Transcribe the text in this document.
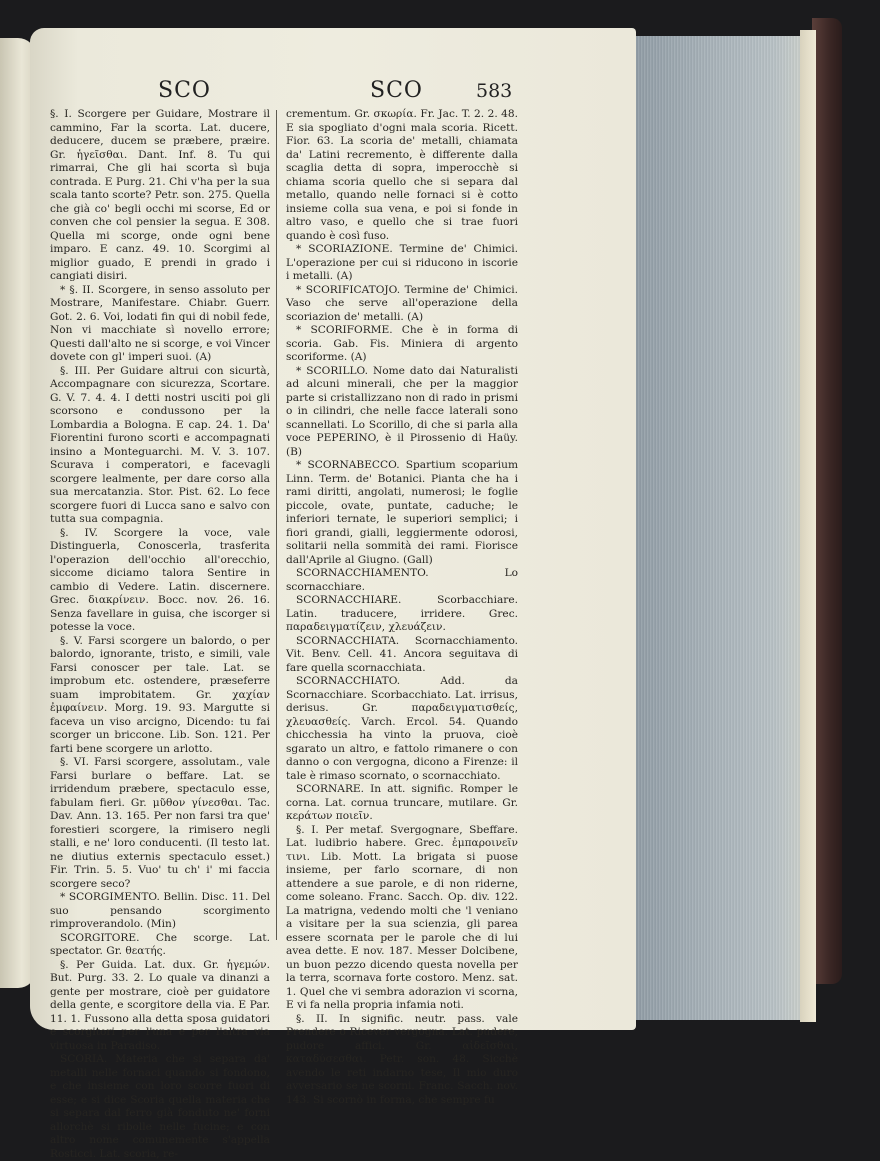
SCO	SCO	583

§. I. Scorgere per Guidare, Mostrare il cammino, Far la scorta. Lat. ducere, deducere, ducem se præbere, præire. Gr. ἡγεῖσθαι. Dant. Inf. 8. Tu qui rimarrai, Che gli hai scorta sì buja contrada. E Purg. 21. Chi v'ha per la sua scala tanto scorte? Petr. son. 275. Quella che già co' begli occhi mi scorse, Ed or conven che col pensier la segua. E 308. Quella mi scorge, onde ogni bene imparo. E canz. 49. 10. Scorgimi al miglior guado, E prendi in grado i cangiati disiri.

* §. II. Scorgere, in senso assoluto per Mostrare, Manifestare. Chiabr. Guerr. Got. 2. 6. Voi, lodati fin qui di nobil fede, Non vi macchiate sì novello errore; Questi dall'alto ne si scorge, e voi Vincer dovete con gl' imperi suoi. (A)

§. III. Per Guidare altrui con sicurtà, Accompagnare con sicurezza, Scortare. G. V. 7. 4. 4. I detti nostri usciti poi gli scorsono e condussono per la Lombardia a Bologna. E cap. 24. 1. Da' Fiorentini furono scorti e accompagnati insino a Monteguarchi. M. V. 3. 107. Scurava i comperatori, e facevagli scorgere lealmente, per dare corso alla sua mercatanzia. Stor. Pist. 62. Lo fece scorgere fuori di Lucca sano e salvo con tutta sua compagnia.

§. IV. Scorgere la voce, vale Distinguerla, Conoscerla, trasferita l'operazion dell'occhio all'orecchio, siccome diciamo talora Sentire in cambio di Vedere. Latin. discernere. Grec. διακρίνειν. Bocc. nov. 26. 16. Senza favellare in guisa, che iscorger si potesse la voce.

§. V. Farsi scorgere un balordo, o per balordo, ignorante, tristo, e simili, vale Farsi conoscer per tale. Lat. se improbum etc. ostendere, præseferre suam improbitatem. Gr. χαχίαν ἐμφαίνειν. Morg. 19. 93. Margutte si faceva un viso arcigno, Dicendo: tu fai scorger un briccone. Lib. Son. 121. Per farti bene scorgere un arlotto.

§. VI. Farsi scorgere, assolutam., vale Farsi burlare o beffare. Lat. se irridendum præbere, spectaculo esse, fabulam fieri. Gr. μῦθον γίνεσθαι. Tac. Dav. Ann. 13. 165. Per non farsi tra que' forestieri scorgere, la rimisero negli stalli, e ne' loro conducenti. (Il testo lat. ne diutius externis spectaculo esset.) Fir. Trin. 5. 5. Vuo' tu ch' i' mi faccia scorgere seco?

* SCORGIMENTO. Bellin. Disc. 11. Del suo pensando scorgimento rimproverandolo. (Min)

SCORGITORE. Che scorge. Lat. spectator. Gr. θεατής.

§. Per Guida. Lat. dux. Gr. ἡγεμών. But. Purg. 33. 2. Lo quale va dinanzi a gente per mostrare, cioè per guidatore della gente, e scorgitore della via. E Par. 11. 1. Fussono alla detta sposa guidatori e scorgitori per l'una e per l'altra via virtuosa in Paradiso.

SCORIA. Materia che si separa da' metalli nelle fornaci quando si fondono, e che insieme con loro scorre fuori di esse; e si dice Scoria quella materia che si separa dal ferro già fonduto ne' forni allorchè si ribolle nelle fucine; e con altro nome comunemente s'appella Rosticci. Lat. scoria, re-

crementum. Gr. σκωρία. Fr. Jac. T. 2. 2. 48. E sia spogliato d'ogni mala scoria. Ricett. Fior. 63. La scoria de' metalli, chiamata da' Latini recremento, è differente dalla scaglia detta di sopra, imperocchè si chiama scoria quello che si separa dal metallo, quando nelle fornaci si è cotto insieme colla sua vena, e poi si fonde in altro vaso, e quello che si trae fuori quando è così fuso.

* SCORIAZIONE. Termine de' Chimici. L'operazione per cui si riducono in iscorie i metalli. (A)

* SCORIFICATOJO. Termine de' Chimici. Vaso che serve all'operazione della scoriazion de' metalli. (A)

* SCORIFORME. Che è in forma di scoria. Gab. Fis. Miniera di argento scoriforme. (A)

* SCORILLO. Nome dato dai Naturalisti ad alcuni minerali, che per la maggior parte si cristallizzano non di rado in prismi o in cilindri, che nelle facce laterali sono scannellati. Lo Scorillo, di che si parla alla voce PEPERINO, è il Pirossenio di Haüy. (B)

* SCORNABECCO. Spartium scoparium Linn. Term. de' Botanici. Pianta che ha i rami diritti, angolati, numerosi; le foglie piccole, ovate, puntate, caduche; le inferiori ternate, le superiori semplici; i fiori grandi, gialli, leggiermente odorosi, solitarii nella sommità dei rami. Fiorisce dall'Aprile al Giugno. (Gall)

SCORNACCHIAMENTO. Lo scornacchiare.

SCORNACCHIARE. Scorbacchiare. Latin. traducere, irridere. Grec. παραδειγματίζειν, χλευάζειν.

SCORNACCHIATA. Scornacchiamento. Vit. Benv. Cell. 41. Ancora seguitava di fare quella scornacchiata.

SCORNACCHIATO. Add. da Scornacchiare. Scorbacchiato. Lat. irrisus, derisus. Gr. παραδειγματισθείς, χλευασθείς. Varch. Ercol. 54. Quando chicchessia ha vinto la pruova, cioè sgarato un altro, e fattolo rimanere o con danno o con vergogna, dicono a Firenze: il tale è rimaso scornato, o scornacchiato.

SCORNARE. In att. signific. Romper le corna. Lat. cornua truncare, mutilare. Gr. κεράτων ποιεῖν.

§. I. Per metaf. Svergognare, Sbeffare. Lat. ludibrio habere. Grec. ἐμπαροινεῖν τινι. Lib. Mott. La brigata si puose insieme, per farlo scornare, di non attendere a sue parole, e di non riderne, come soleano. Franc. Sacch. Op. div. 122. La matrigna, vedendo molti che 'l veniano a visitare per la sua scienzia, gli parea essere scornata per le parole che di lui avea dette. E nov. 187. Messer Dolcibene, un buon pezzo dicendo questa novella per la terra, scornava forte costoro. Menz. sat. 1. Quel che vi sembra adorazion vi scorna, E vi fa nella propria infamia noti.

§. II. In signific. neutr. pass. vale Prendere o Ricever vergogna. Lat. pudere, pudore affici. Gr. αἰδεῖσθαι, καταδύσεσθαι. Petr. son. 48. Sicchè avendo le reti indarno tese, Il mio duro avversario se ne scorni. Franc. Sacch. nov. 143. Si scornò in forma, che sempre fu
